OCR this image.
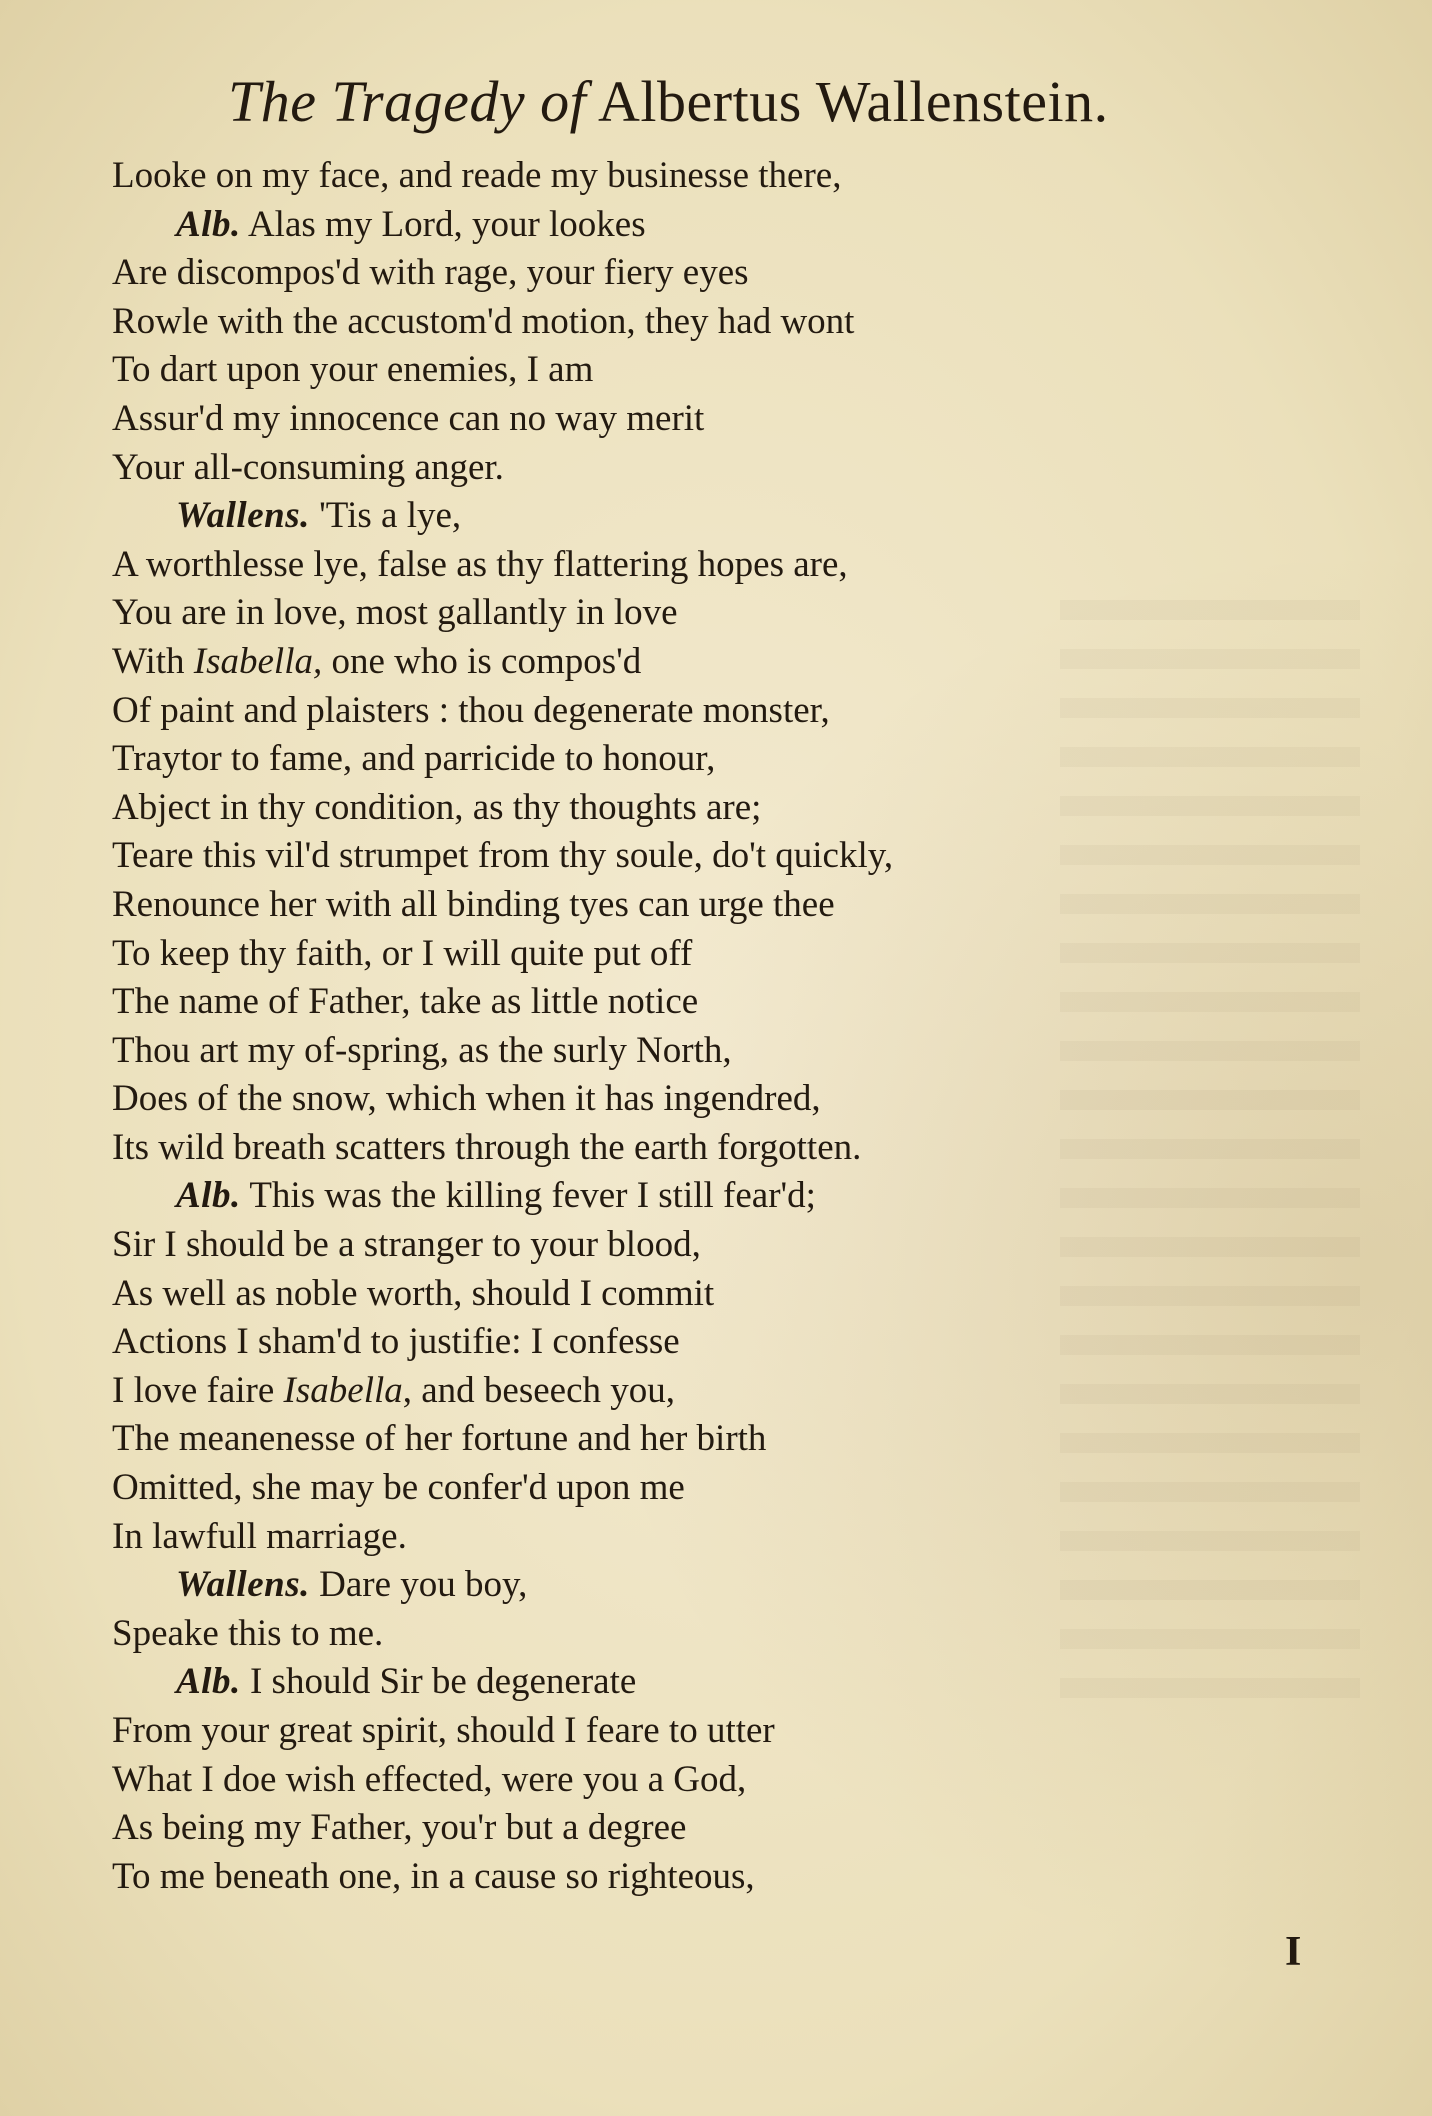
The Tragedy of Albertus Wallenstein.
Looke on my face, and reade my businesse there,
Alb. Alas my Lord, your lookes
Are discompos'd with rage, your fiery eyes
Rowle with the accustom'd motion, they had wont
To dart upon your enemies, I am
Assur'd my innocence can no way merit
Your all-consuming anger.
Wallens. 'Tis a lye,
A worthlesse lye, false as thy flattering hopes are,
You are in love, most gallantly in love
With Isabella, one who is compos'd
Of paint and plaisters : thou degenerate monster,
Traytor to fame, and parricide to honour,
Abject in thy condition, as thy thoughts are;
Teare this vil'd strumpet from thy soule, do't quickly,
Renounce her with all binding tyes can urge thee
To keep thy faith, or I will quite put off
The name of Father, take as little notice
Thou art my of-spring, as the surly North,
Does of the snow, which when it has ingendred,
Its wild breath scatters through the earth forgotten.
Alb. This was the killing fever I still fear'd;
Sir I should be a stranger to your blood,
As well as noble worth, should I commit
Actions I sham'd to justifie: I confesse
I love faire Isabella, and beseech you,
The meanenesse of her fortune and her birth
Omitted, she may be confer'd upon me
In lawfull marriage.
Wallens. Dare you boy,
Speake this to me.
Alb. I should Sir be degenerate
From your great spirit, should I feare to utter
What I doe wish effected, were you a God,
As being my Father, you'r but a degree
To me beneath one, in a cause so righteous,
I
